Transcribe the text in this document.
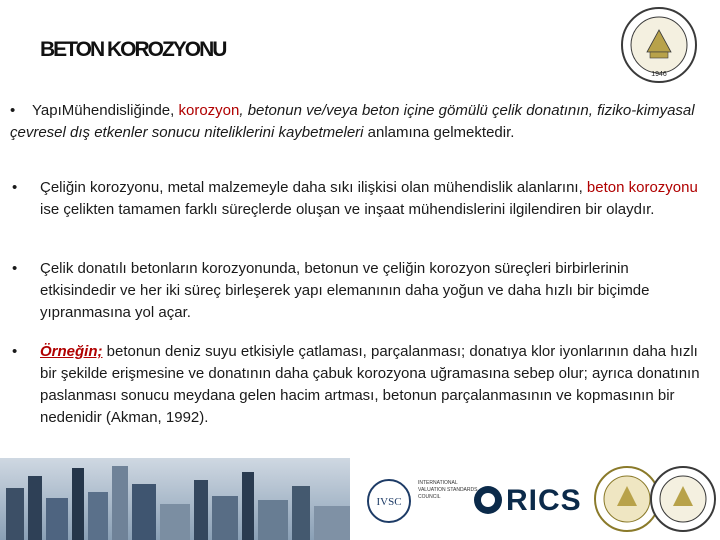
BETON KOROZYONU
1946
• YapıMühendisliğinde, korozyon, betonun ve/veya beton içine gömülü çelik donatının, fiziko-kimyasal çevresel dış etkenler sonucu niteliklerini kaybetmeleri anlamına gelmektedir.
•	Çeliğin korozyonu, metal malzemeyle daha sıkı ilişkisi olan mühendislik alanlarını, beton korozyonu ise çelikten tamamen farklı süreçlerde oluşan ve inşaat mühendislerini ilgilendiren bir olaydır.
•	Çelik donatılı betonların korozyonunda, betonun ve çeliğin korozyon süreçleri birbirlerinin etkisindedir ve her iki süreç birleşerek yapı elemanının daha yoğun ve daha hızlı bir biçimde yıpranmasına yol açar.
•	Örneğin; betonun deniz suyu etkisiyle çatlaması, parçalanması; donatıya klor iyonlarının daha hızlı bir şekilde erişmesine ve donatının daha çabuk korozyona uğramasına sebep olur; ayrıca donatının paslanması sonucu meydana gelen hacim artması, betonun parçalanmasının ve kopmasının bir nedenidir (Akman, 1992).
IVSC
INTERNATIONAL VALUATION STANDARDS COUNCIL	RICS
